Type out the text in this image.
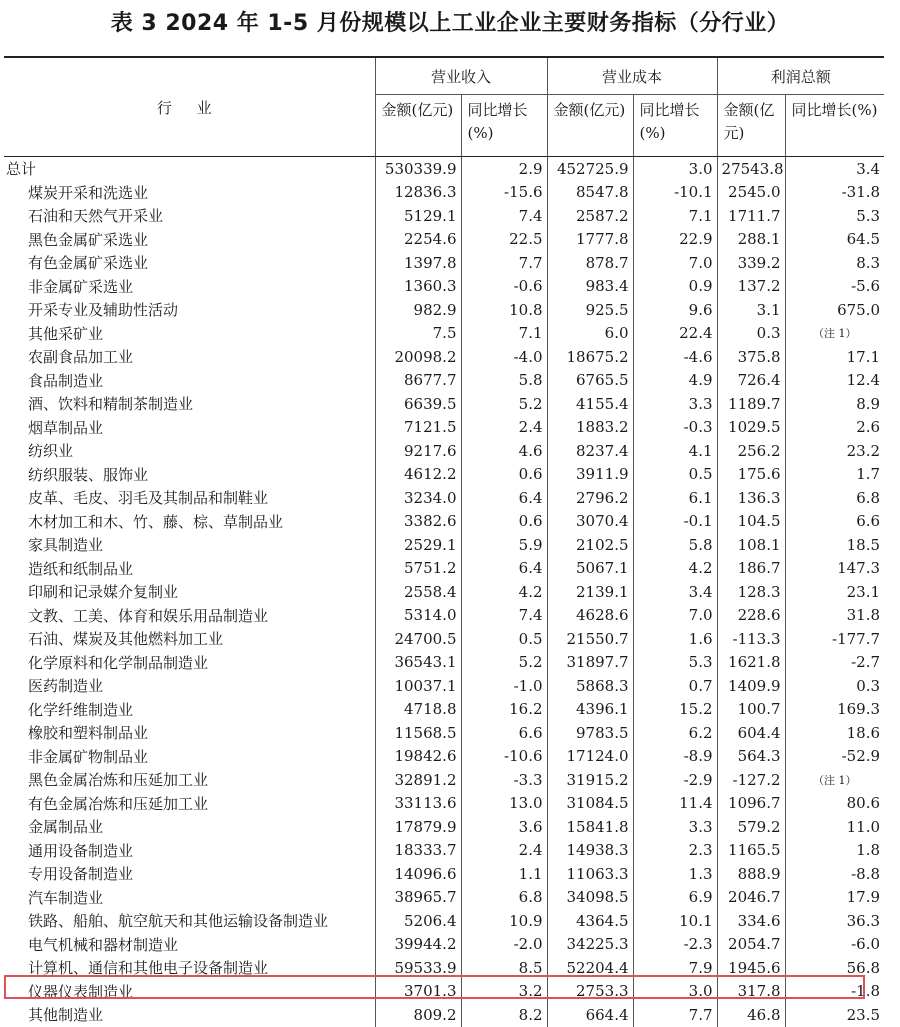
表 3 2024 年 1-5 月份规模以上工业企业主要财务指标（分行业）
行 业	营业收入		营业成本		利润总额	
	金额(亿元)	同比增长(%)	金额(亿元)	同比增长(%)	金额(亿元)	同比增长(%)
总计	530339.9	2.9	452725.9	3.0	27543.8	3.4
煤炭开采和洗选业	12836.3	-15.6	8547.8	-10.1	2545.0	-31.8
石油和天然气开采业	5129.1	7.4	2587.2	7.1	1711.7	5.3
黑色金属矿采选业	2254.6	22.5	1777.8	22.9	288.1	64.5
有色金属矿采选业	1397.8	7.7	878.7	7.0	339.2	8.3
非金属矿采选业	1360.3	-0.6	983.4	0.9	137.2	-5.6
开采专业及辅助性活动	982.9	10.8	925.5	9.6	3.1	675.0
其他采矿业	7.5	7.1	6.0	22.4	0.3	（注 1）
农副食品加工业	20098.2	-4.0	18675.2	-4.6	375.8	17.1
食品制造业	8677.7	5.8	6765.5	4.9	726.4	12.4
酒、饮料和精制茶制造业	6639.5	5.2	4155.4	3.3	1189.7	8.9
烟草制品业	7121.5	2.4	1883.2	-0.3	1029.5	2.6
纺织业	9217.6	4.6	8237.4	4.1	256.2	23.2
纺织服装、服饰业	4612.2	0.6	3911.9	0.5	175.6	1.7
皮革、毛皮、羽毛及其制品和制鞋业	3234.0	6.4	2796.2	6.1	136.3	6.8
木材加工和木、竹、藤、棕、草制品业	3382.6	0.6	3070.4	-0.1	104.5	6.6
家具制造业	2529.1	5.9	2102.5	5.8	108.1	18.5
造纸和纸制品业	5751.2	6.4	5067.1	4.2	186.7	147.3
印刷和记录媒介复制业	2558.4	4.2	2139.1	3.4	128.3	23.1
文教、工美、体育和娱乐用品制造业	5314.0	7.4	4628.6	7.0	228.6	31.8
石油、煤炭及其他燃料加工业	24700.5	0.5	21550.7	1.6	-113.3	-177.7
化学原料和化学制品制造业	36543.1	5.2	31897.7	5.3	1621.8	-2.7
医药制造业	10037.1	-1.0	5868.3	0.7	1409.9	0.3
化学纤维制造业	4718.8	16.2	4396.1	15.2	100.7	169.3
橡胶和塑料制品业	11568.5	6.6	9783.5	6.2	604.4	18.6
非金属矿物制品业	19842.6	-10.6	17124.0	-8.9	564.3	-52.9
黑色金属冶炼和压延加工业	32891.2	-3.3	31915.2	-2.9	-127.2	（注 1）
有色金属冶炼和压延加工业	33113.6	13.0	31084.5	11.4	1096.7	80.6
金属制品业	17879.9	3.6	15841.8	3.3	579.2	11.0
通用设备制造业	18333.7	2.4	14938.3	2.3	1165.5	1.8
专用设备制造业	14096.6	1.1	11063.3	1.3	888.9	-8.8
汽车制造业	38965.7	6.8	34098.5	6.9	2046.7	17.9
铁路、船舶、航空航天和其他运输设备制造业	5206.4	10.9	4364.5	10.1	334.6	36.3
电气机械和器材制造业	39944.2	-2.0	34225.3	-2.3	2054.7	-6.0
计算机、通信和其他电子设备制造业	59533.9	8.5	52204.4	7.9	1945.6	56.8
仪器仪表制造业	3701.3	3.2	2753.3	3.0	317.8	-1.8
其他制造业	809.2	8.2	664.4	7.7	46.8	23.5
